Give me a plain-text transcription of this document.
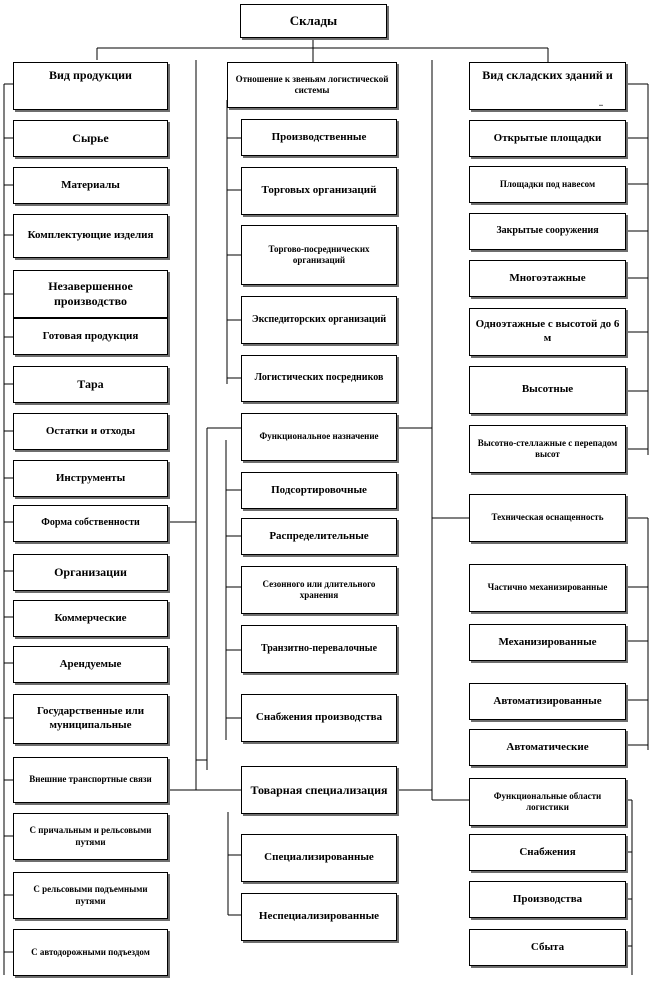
Склады
Вид продукции
Сырье
Материалы
Комплектующие изделия
Незавершенное производство
Готовая продукция
Тара
Остатки и отходы
Инструменты
Форма собственности
Организации
Коммерческие
Арендуемые
Государственные или муниципальные
Внешние транспортные связи
С причальным и рельсовыми путями
С рельсовыми подъемными путями
С автодорожными подъездом
Отношение к звеньям логистической системы
Производственные
Торговых организаций
Торгово-посреднических организаций
Экспедиторских организаций
Логистических посредников
Функциональное назначение
Подсортировочные
Распределительные
Сезонного или длительного хранения
Транзитно-перевалочные
Снабжения производства
Товарная специализация
Специализированные
Неспециализированные
Вид складских зданий и
..
Открытые площадки
Площадки под навесом
Закрытые сооружения
Многоэтажные
Одноэтажные с высотой до 6 м
Высотные
Высотно-стеллажные с перепадом высот
Техническая оснащенность
Частично механизированные
Механизированные
Автоматизированные
Автоматические
Функциональные области логистики
Снабжения
Производства
Сбыта
